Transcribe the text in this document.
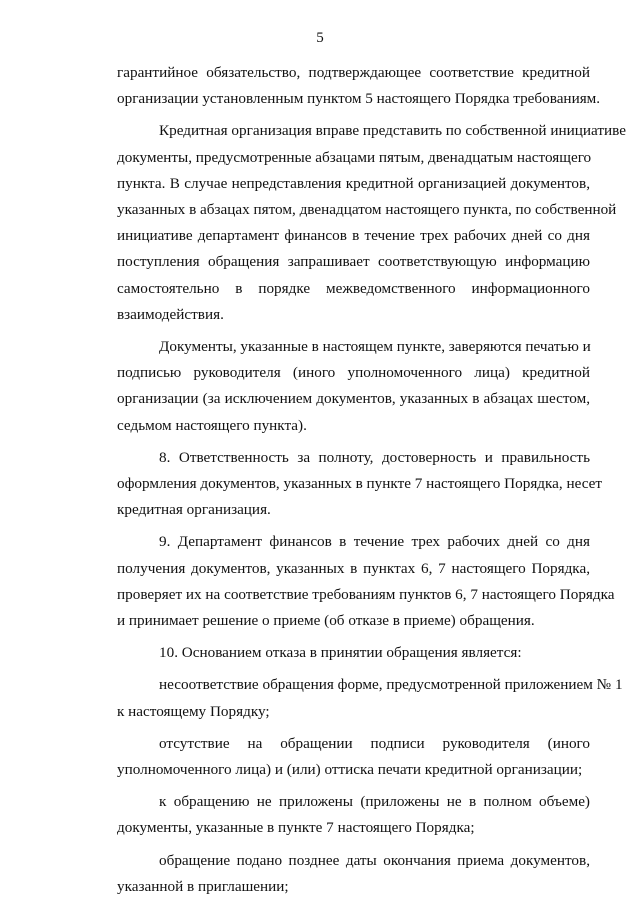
5
гарантийное обязательство, подтверждающее соответствие кредитной
организации установленным пунктом 5 настоящего Порядка требованиям.
Кредитная организация вправе представить по собственной инициативе
документы, предусмотренные абзацами пятым, двенадцатым настоящего
пункта. В случае непредставления кредитной организацией документов,
указанных в абзацах пятом, двенадцатом настоящего пункта, по собственной
инициативе департамент финансов в течение трех рабочих дней со дня
поступления обращения запрашивает соответствующую информацию
самостоятельно в порядке межведомственного информационного
взаимодействия.
Документы, указанные в настоящем пункте, заверяются печатью и
подписью руководителя (иного уполномоченного лица) кредитной
организации (за исключением документов, указанных в абзацах шестом,
седьмом настоящего пункта).
8. Ответственность за полноту, достоверность и правильность
оформления документов, указанных в пункте 7 настоящего Порядка, несет
кредитная организация.
9. Департамент финансов в течение трех рабочих дней со дня
получения документов, указанных в пунктах 6, 7 настоящего Порядка,
проверяет их на соответствие требованиям пунктов 6, 7 настоящего Порядка
и принимает решение о приеме (об отказе в приеме) обращения.
10. Основанием отказа в принятии обращения является:
несоответствие обращения форме, предусмотренной приложением № 1
к настоящему Порядку;
отсутствие на обращении подписи руководителя (иного
уполномоченного лица) и (или) оттиска печати кредитной организации;
к обращению не приложены (приложены не в полном объеме)
документы, указанные в пункте 7 настоящего Порядка;
обращение подано позднее даты окончания приема документов,
указанной в приглашении;
